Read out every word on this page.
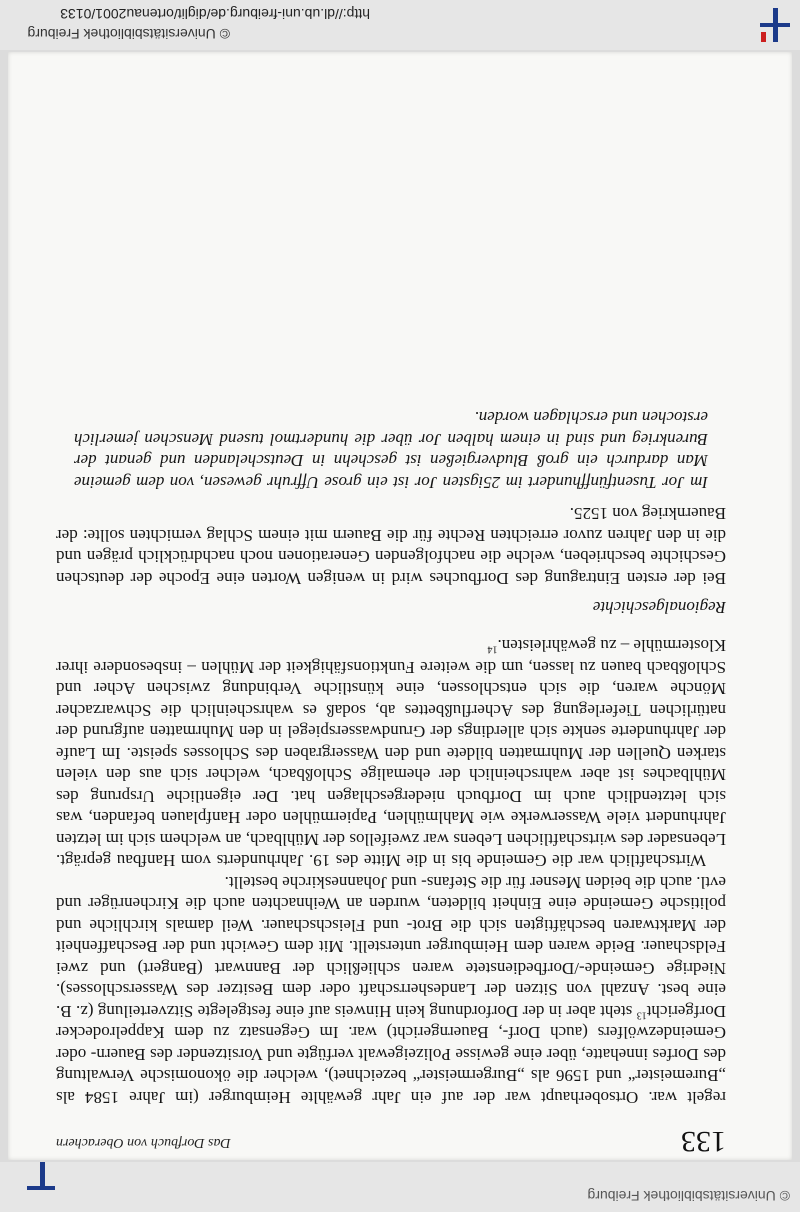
© Universitätsbibliothek Freiburg
133
Das Dorfbuch von Oberachern

regelt war. Ortsoberhaupt war der auf ein Jahr gewählte Heimburger (im Jahre 1584 als „Buremeister“ und 1596 als „Burgermeister“ bezeichnet), welcher die ökonomische Verwaltung des Dorfes innehatte, über eine gewisse Polizeigewalt verfügte und Vorsitzender des Bauern- oder Gemeindezwölfers (auch Dorf-, Bauerngericht) war. Im Gegensatz zu dem Kappelrodecker Dorfgericht$^{13}$ steht aber in der Dorfordnung kein Hinweis auf eine festgelegte Sitzverteilung (z. B. eine best. Anzahl von Sitzen der Landesherrschaft oder dem Besitzer des Wasserschlosses). Niedrige Gemeinde-/Dorfbedienstete waren schließlich der Bannwart (Bangert) und zwei Feldschauer. Beide waren dem Heimburger unterstellt. Mit dem Gewicht und der Beschaffenheit der Marktwaren beschäftigten sich die Brot- und Fleischschauer. Weil damals kirchliche und politische Gemeinde eine Einheit bildeten, wurden an Weihnachten auch die Kirchenrüger und evtl. auch die beiden Mesner für die Stefans- und Johanneskirche bestellt.

Wirtschaftlich war die Gemeinde bis in die Mitte des 19. Jahrhunderts vom Hanfbau geprägt. Lebensader des wirtschaftlichen Lebens war zweifellos der Mühlbach, an welchem sich im letzten Jahrhundert viele Wasserwerke wie Mahlmühlen, Papiermühlen oder Hanfplauen befanden, was sich letztendlich auch im Dorfbuch niedergeschlagen hat. Der eigentliche Ursprung des Mühlbaches ist aber wahrscheinlich der ehemalige Schloßbach, welcher sich aus den vielen starken Quellen der Muhrmatten bildete und den Wassergraben des Schlosses speiste. Im Laufe der Jahrhunderte senkte sich allerdings der Grundwasserspiegel in den Muhrmatten aufgrund der natürlichen Tieferlegung des Acherflußbettes ab, sodaß es wahrscheinlich die Schwarzacher Mönche waren, die sich entschlossen, eine künstliche Verbindung zwischen Acher und Schloßbach bauen zu lassen, um die weitere Funktionsfähigkeit der Mühlen – insbesondere ihrer Klostermühle – zu gewährleisten.$^{14}$

Regionalgeschichte

Bei der ersten Eintragung des Dorfbuches wird in wenigen Worten eine Epoche der deutschen Geschichte beschrieben, welche die nachfolgenden Generationen noch nachdrücklich prägen und die in den Jahren zuvor erreichten Rechte für die Bauern mit einem Schlag vernichten sollte: der Bauernkrieg von 1525.

Im Jor Tusentfünffhundert im 25igsten Jor ist ein grose Uffruhr gewesen, von dem gemeine Man dardurch ein groß Bludvergießen ist geschehn in Deutschelanden und genant der Burenkrieg und sind in einem halben Jor über die hundertmol tusend Menschen jemerlich erstochen und erschlagen worden.

© Universitätsbibliothek Freiburg
http://dl.ub.uni-freiburg.de/diglit/ortenau2001/0133
